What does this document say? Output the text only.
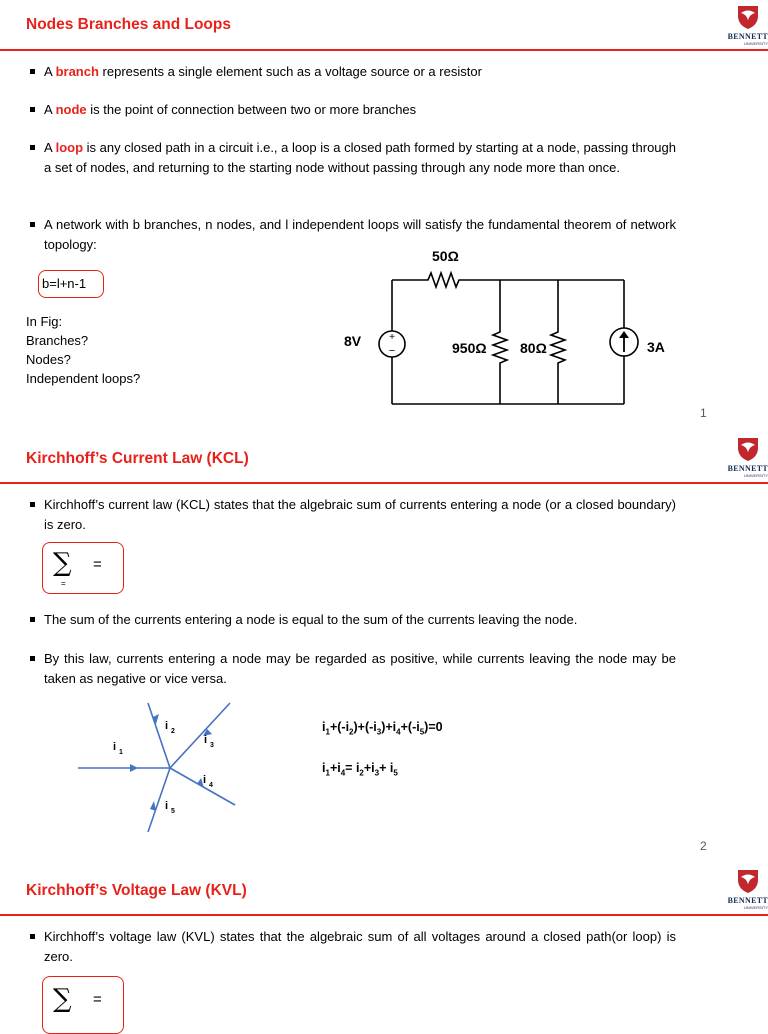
Nodes Branches and Loops
BENNETT
UNIVERSITY
A branch represents a single element such as a voltage source or a resistor
A node is the point of connection between two or more branches
A loop is any closed path in a circuit i.e., a loop is a closed path formed by starting at a node, passing through a set of nodes, and returning to the starting node without passing through any node more than once.
A network with b branches, n nodes, and l independent loops will satisfy the fundamental theorem of network topology:
b=l+n-1
In Fig:
Branches?
Nodes?
Independent loops?
+
−
50Ω
8V	950Ω 80Ω	3A
1
Kirchhoff’s Current Law (KCL)
BENNETT
UNIVERSITY
Kirchhoff’s current law (KCL) states that the algebraic sum of currents entering a node (or a closed boundary) is zero.
∑ =
=
The sum of the currents entering a node is equal to the sum of the currents leaving the node.
By this law, currents entering a node may be regarded as positive, while currents leaving the node may be taken as negative or vice versa.
i 1
i 2
i 3
i 4
i 5
$i_1+(-i_2)+(-i_3)+i_4+(-i_5)=0$
$i_1+i_4= i_2+i_3+ i_5$
2
Kirchhoff’s Voltage Law (KVL)
BENNETT
UNIVERSITY
Kirchhoff’s voltage law (KVL) states that the algebraic sum of all voltages around a closed path(or loop) is zero.
∑ =
